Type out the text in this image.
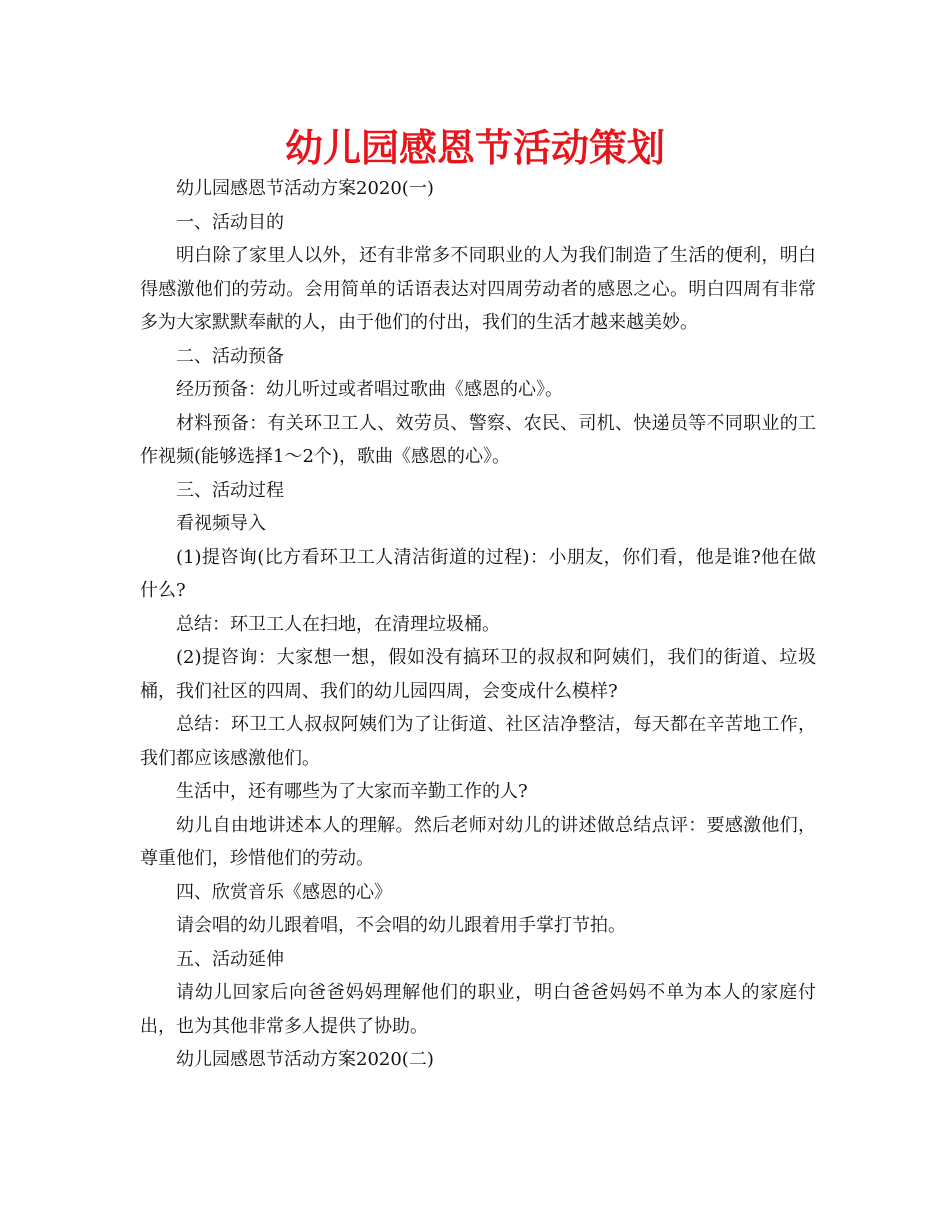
幼儿园感恩节活动策划

幼儿园感恩节活动方案2020(一)

一、活动目的

明白除了家里人以外，还有非常多不同职业的人为我们制造了生活的便利，明白得感激他们的劳动。会用简单的话语表达对四周劳动者的感恩之心。明白四周有非常多为大家默默奉献的人，由于他们的付出，我们的生活才越来越美妙。

二、活动预备

经历预备：幼儿听过或者唱过歌曲《感恩的心》。

材料预备：有关环卫工人、效劳员、警察、农民、司机、快递员等不同职业的工作视频(能够选择1～2个)，歌曲《感恩的心》。

三、活动过程

看视频导入

(1)提咨询(比方看环卫工人清洁街道的过程)：小朋友，你们看，他是谁?他在做什么?

总结：环卫工人在扫地，在清理垃圾桶。

(2)提咨询：大家想一想，假如没有搞环卫的叔叔和阿姨们，我们的街道、垃圾桶，我们社区的四周、我们的幼儿园四周，会变成什么模样?

总结：环卫工人叔叔阿姨们为了让街道、社区洁净整洁，每天都在辛苦地工作，我们都应该感激他们。

生活中，还有哪些为了大家而辛勤工作的人?

幼儿自由地讲述本人的理解。然后老师对幼儿的讲述做总结点评：要感激他们，尊重他们，珍惜他们的劳动。

四、欣赏音乐《感恩的心》

请会唱的幼儿跟着唱，不会唱的幼儿跟着用手掌打节拍。

五、活动延伸

请幼儿回家后向爸爸妈妈理解他们的职业，明白爸爸妈妈不单为本人的家庭付出，也为其他非常多人提供了协助。

幼儿园感恩节活动方案2020(二)
